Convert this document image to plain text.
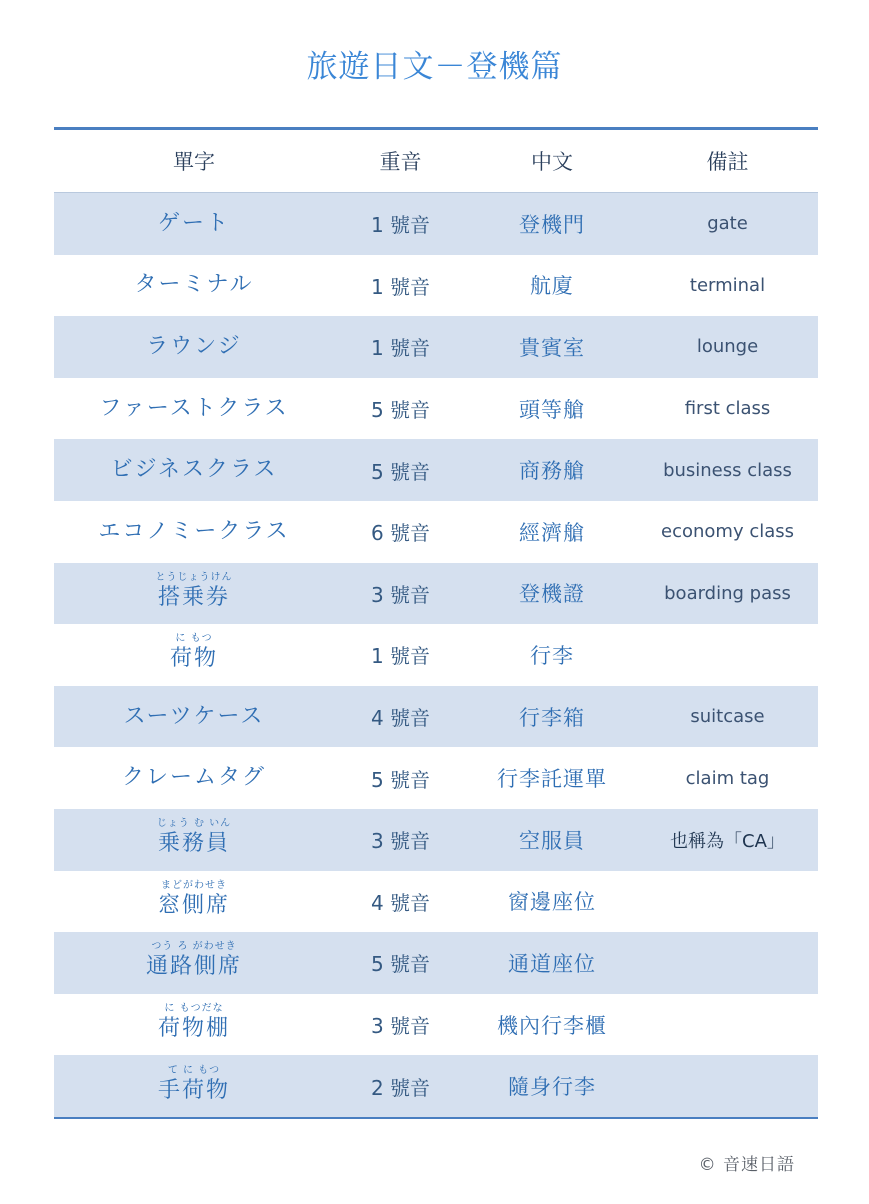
旅遊日文－登機篇
單字	重音	中文	備註
ゲート	1 號音	登機門	gate
ターミナル	1 號音	航廈	terminal
ラウンジ	1 號音	貴賓室	lounge
ファーストクラス	5 號音	頭等艙	first class
ビジネスクラス	5 號音	商務艙	business class
エコノミークラス	6 號音	經濟艙	economy class
とうじょうけん
搭乗券	3 號音	登機證	boarding pass
に もつ
荷物	1 號音	行李
スーツケース	4 號音	行李箱	suitcase
クレームタグ	5 號音	行李託運單	claim tag
じょう む いん
乗務員	3 號音	空服員	也稱為「CA」
まどがわせき
窓側席	4 號音	窗邊座位
つう ろ がわせき
通路側席	5 號音	通道座位
に もつだな
荷物棚	3 號音	機內行李櫃
て に もつ
手荷物	2 號音	隨身行李
© 音速日語
